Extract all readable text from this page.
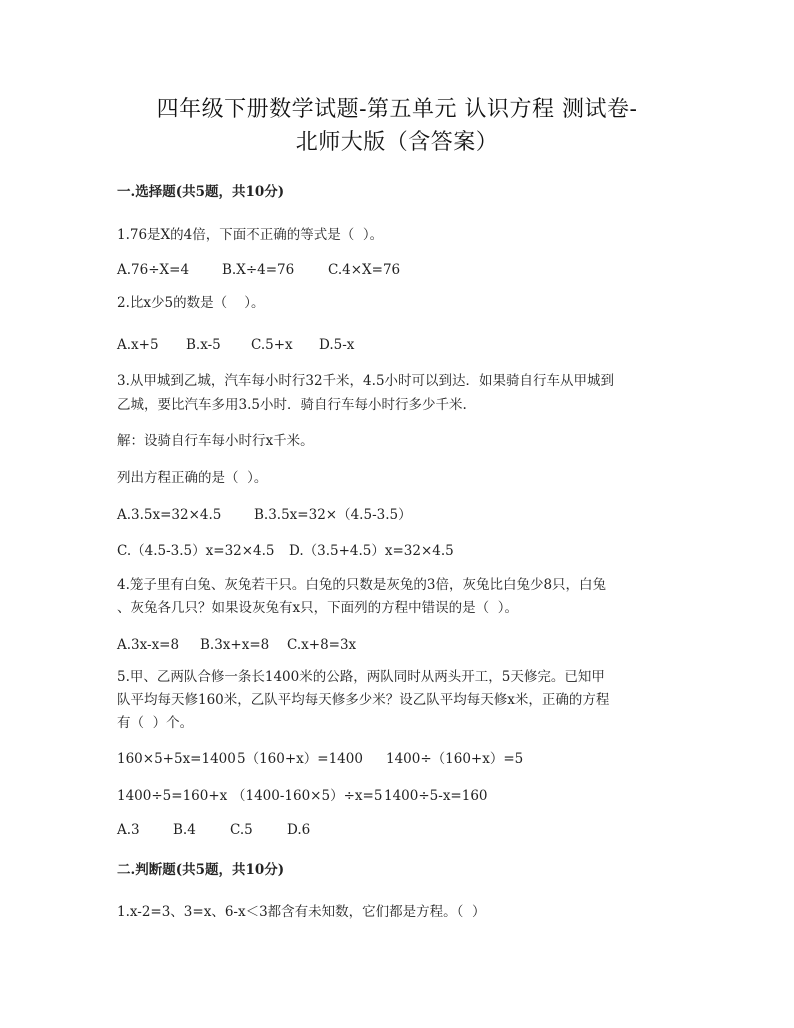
四年级下册数学试题-第五单元 认识方程 测试卷-
北师大版（含答案）
一.选择题(共5题，共10分)
1.76是X的4倍，下面不正确的等式是（  ）。
A.76÷X=4 B.X÷4=76	C.4×X=76
2.比x少5的数是（    ）。
A.x+5 B.x-5 C.5+x D.5-x
3.从甲城到乙城，汽车每小时行32千米，4.5小时可以到达．如果骑自行车从甲城到
乙城，要比汽车多用3.5小时．骑自行车每小时行多少千米.
解：设骑自行车每小时行x千米。
列出方程正确的是（  ）。
A.3.5x=32×4.5 B.3.5x=32×（4.5-3.5）
C.（4.5-3.5）x=32×4.5 D.（3.5+4.5）x=32×4.5
4.笼子里有白兔、灰兔若干只。白兔的只数是灰兔的3倍，灰兔比白兔少8只，白兔
、灰兔各几只？如果设灰兔有x只，下面列的方程中错误的是（  ）。
A.3x-x=8 B.3x+x=8 C.x+8=3x
5.甲、乙两队合修一条长1400米的公路，两队同时从两头开工，5天修完。已知甲
队平均每天修160米，乙队平均每天修多少米？设乙队平均每天修x米，正确的方程
有（  ）个。
160×5+5x=1400 5（160+x）=1400 1400÷（160+x）=5
1400÷5=160+x （1400-160×5）÷x=5 1400÷5-x=160
A.3 B.4	C.5	D.6
二.判断题(共5题，共10分)
1.x-2=3、3=x、6-x＜3都含有未知数，它们都是方程。（  ）
